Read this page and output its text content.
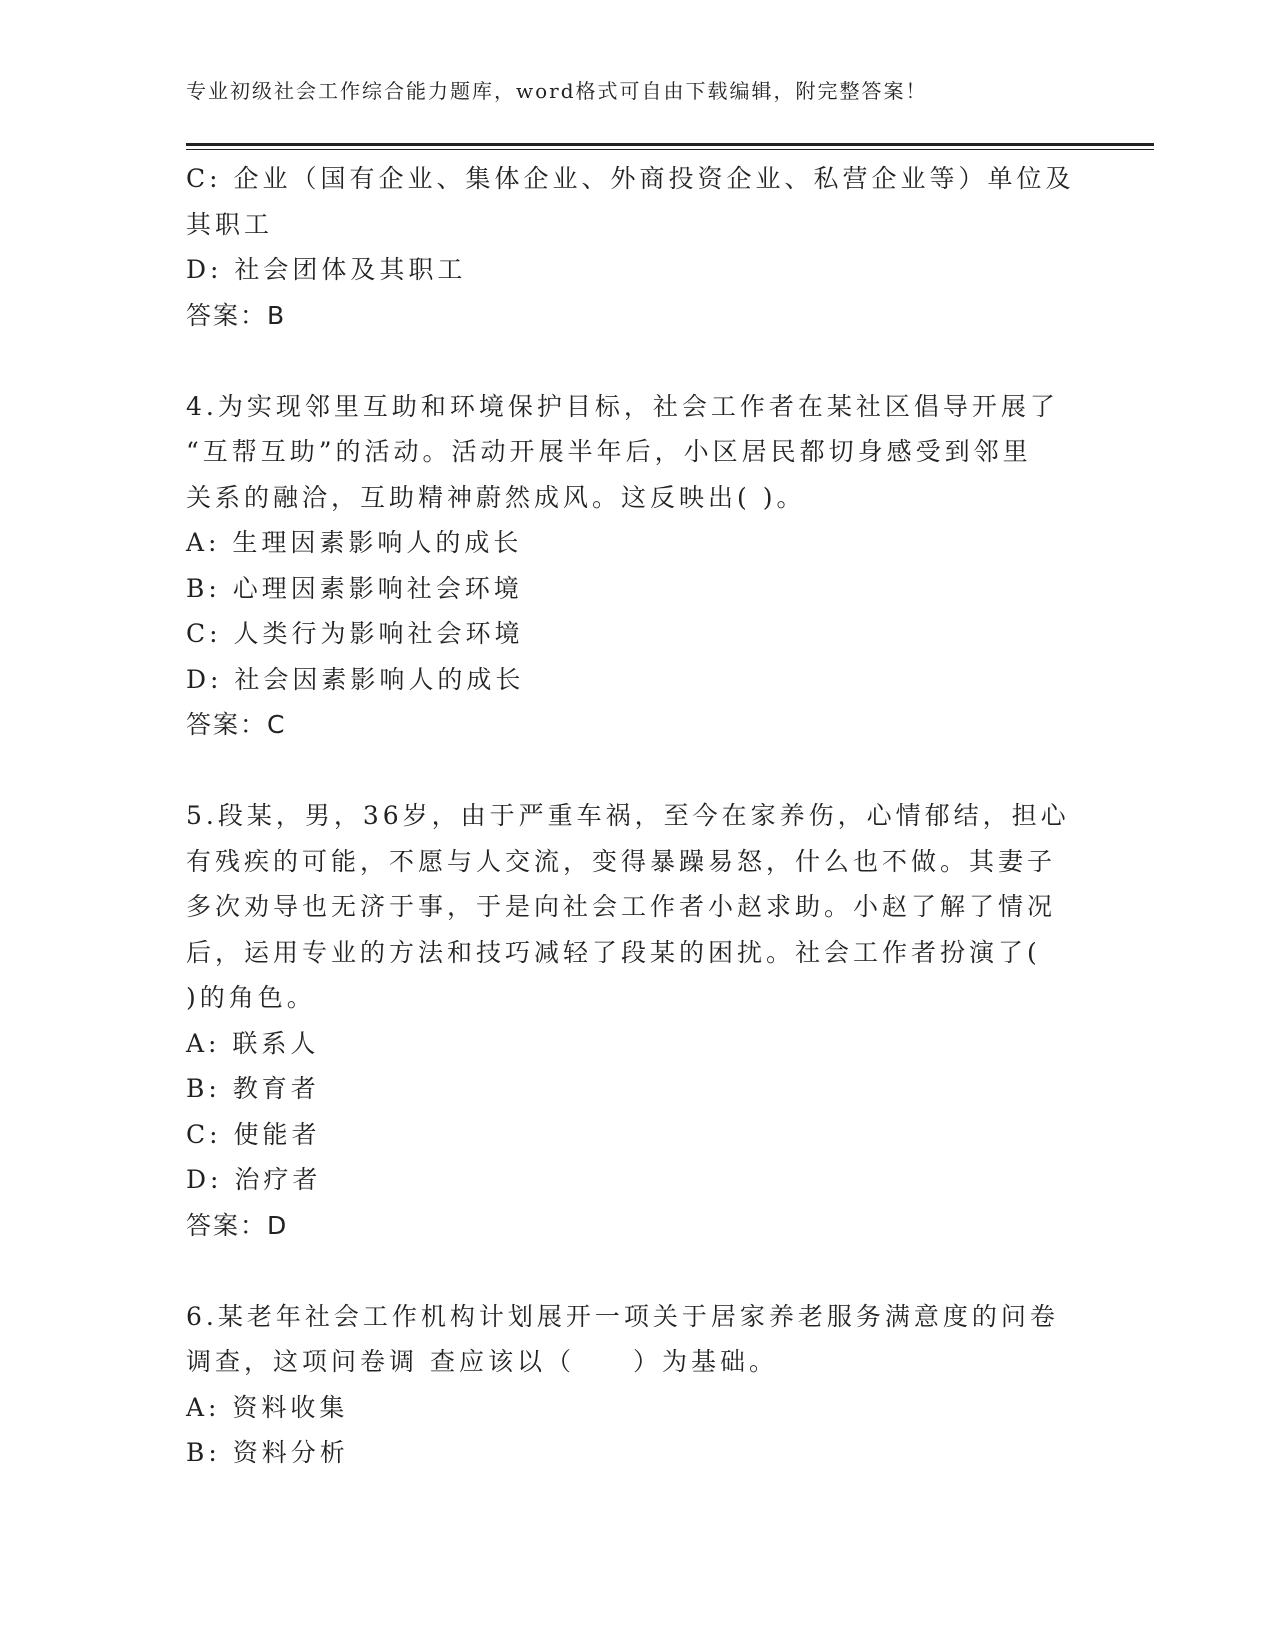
专业初级社会工作综合能力题库，word格式可自由下载编辑，附完整答案！
C: 企业（国有企业、集体企业、外商投资企业、私营企业等）单位及
其职工
D: 社会团体及其职工
答案：B
4.为实现邻里互助和环境保护目标，社会工作者在某社区倡导开展了
“互帮互助”的活动。活动开展半年后，小区居民都切身感受到邻里
关系的融洽，互助精神蔚然成风。这反映出( )。
A: 生理因素影响人的成长
B: 心理因素影响社会环境
C: 人类行为影响社会环境
D: 社会因素影响人的成长
答案：C
5.段某，男，36岁，由于严重车祸，至今在家养伤，心情郁结，担心
有残疾的可能，不愿与人交流，变得暴躁易怒，什么也不做。其妻子
多次劝导也无济于事，于是向社会工作者小赵求助。小赵了解了情况
后，运用专业的方法和技巧减轻了段某的困扰。社会工作者扮演了(
)的角色。
A: 联系人
B: 教育者
C: 使能者
D: 治疗者
答案：D
6.某老年社会工作机构计划展开一项关于居家养老服务满意度的问卷
调查，这项问卷调 查应该以（　　）为基础。
A: 资料收集
B: 资料分析
